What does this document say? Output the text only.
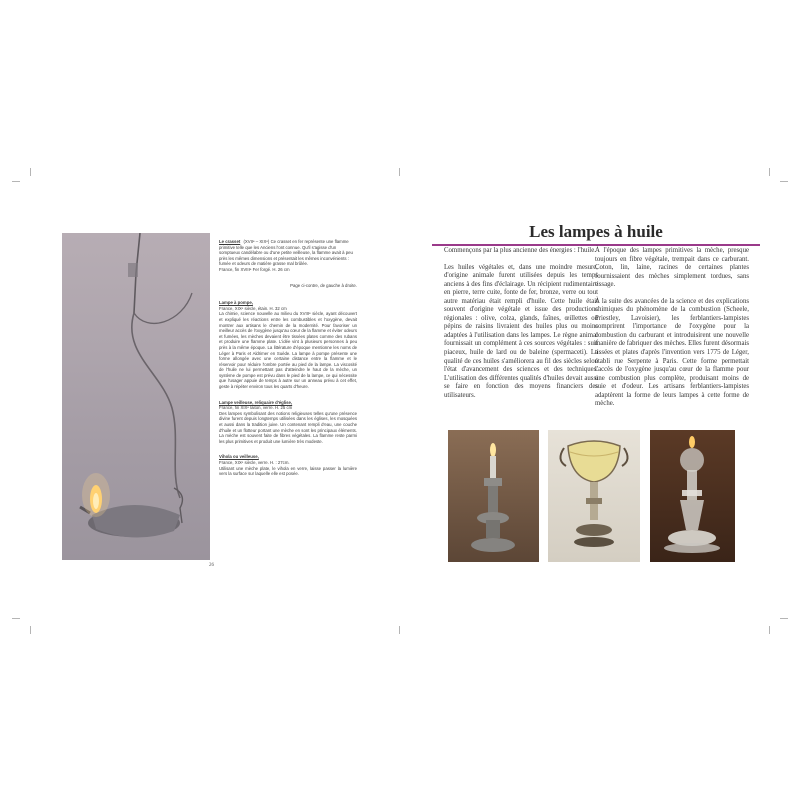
Le crasset (XVIIᵉ – XIXᵉ) Ce crasset en fer représente une flamme primitive telle que les Anciens l'ont connue. Qu'il s'agisse d'un somptueux candélabre ou d'une petite veilleuse, la flamme avait à peu près les mêmes dimensions et présentait les mêmes inconvénients : fumée et odeurs de matière grasse mal brûlée.
France, fin XVIIIᵉ Fer forgé. H. 26 cm
Page ci-contre, de gauche à droite.
Lampe à pompe,
France, XIXᵉ siècle, étain. H. 32 cm
La chimie, science nouvelle au milieu du XVIIIᵉ siècle, ayant découvert et expliqué les réactions entre les combustibles et l'oxygène, devait montrer aux artisans le chemin de la modernité. Pour favoriser un meilleur accès de l'oxygène jusqu'au cœur de la flamme et éviter odeurs et fumées, les mèches devaient être tissées plates comme des rubans et produire une flamme plate. L'idée vint à plusieurs personnes à peu près à la même époque. La littérature d'époque mentionne les noms de Léger à Paris et Aldrimer en Suède. La lampe à pompe présente une forme allongée avec une certaine distance entre la flamme et le réservoir pour réduire l'ombre portée au pied de la lampe. La viscosité de l'huile ne lui permettant pas d'atteindre le haut de la mèche, un système de pompe est prévu dans le pied de la lampe, ce qui nécessite que l'usager appuie de temps à autre sur un anneau prévu à cet effet, geste à répéter environ tous les quarts d'heure.
Lampe veilleuse, reliquaire d'église,
France, fin XIXᵉ laiton, verre. H. 25 cm
Des lampes symbolisant des notions religieuses telles qu'une présence divine furent depuis longtemps utilisées dans les églises, les mosquées et aussi dans la tradition juive. Un contenant rempli d'eau, une couche d'huile et un flotteur portant une mèche en sont les principaux éléments. La mèche est souvent faite de fibres végétales. La flamme reste parmi les plus primitives et produit une lumière très modeste.
Vihola ou veilleuse,
France, XIXᵉ siècle, verre. H. : 27cm.
Utilisant une mèche plate, le vihola en verre, laisse passer la lumière vers la surface sur laquelle elle est posée.
26
Les lampes à huile

Commençons par la plus ancienne des énergies : l'huile.

Les huiles végétales et, dans une moindre mesure, d'origine animale furent utilisées depuis les temps anciens à des fins d'éclairage. Un récipient rudimentaire en pierre, terre cuite, fonte de fer, bronze, verre ou tout autre matériau était rempli d'huile. Cette huile était souvent d'origine végétale et issue des productions régionales : olive, colza, glands, faînes, œillettes ou pépins de raisins livraient des huiles plus ou moins adaptées à l'utilisation dans les lampes. Le règne animal fournissait un complément à ces sources végétales : suif piaceux, huile de lard ou de baleine (spermaceti). La qualité de ces huiles s'améliorera au fil des siècles selon l'état d'avancement des sciences et des techniques. L'utilisation des différentes qualités d'huiles devait aussi se faire en fonction des moyens financiers des utilisateurs.

À l'époque des lampes primitives la mèche, presque toujours en fibre végétale, trempait dans ce carburant. Coton, lin, laine, racines de certaines plantes fournissaient des mèches simplement tordues, sans tissage.

À la suite des avancées de la science et des explications chimiques du phénomène de la combustion (Scheele, Priestley, Lavoisier), les ferblantiers-lampistes comprirent l'importance de l'oxygène pour la combustion du carburant et introduisirent une nouvelle manière de fabriquer des mèches. Elles furent désormais tissées et plates d'après l'invention vers 1775 de Léger, établi rue Serpente à Paris. Cette forme permettait l'accès de l'oxygène jusqu'au cœur de la flamme pour une combustion plus complète, produisant moins de suie et d'odeur. Les artisans ferblantiers-lampistes adaptèrent la forme de leurs lampes à cette forme de mèche.
